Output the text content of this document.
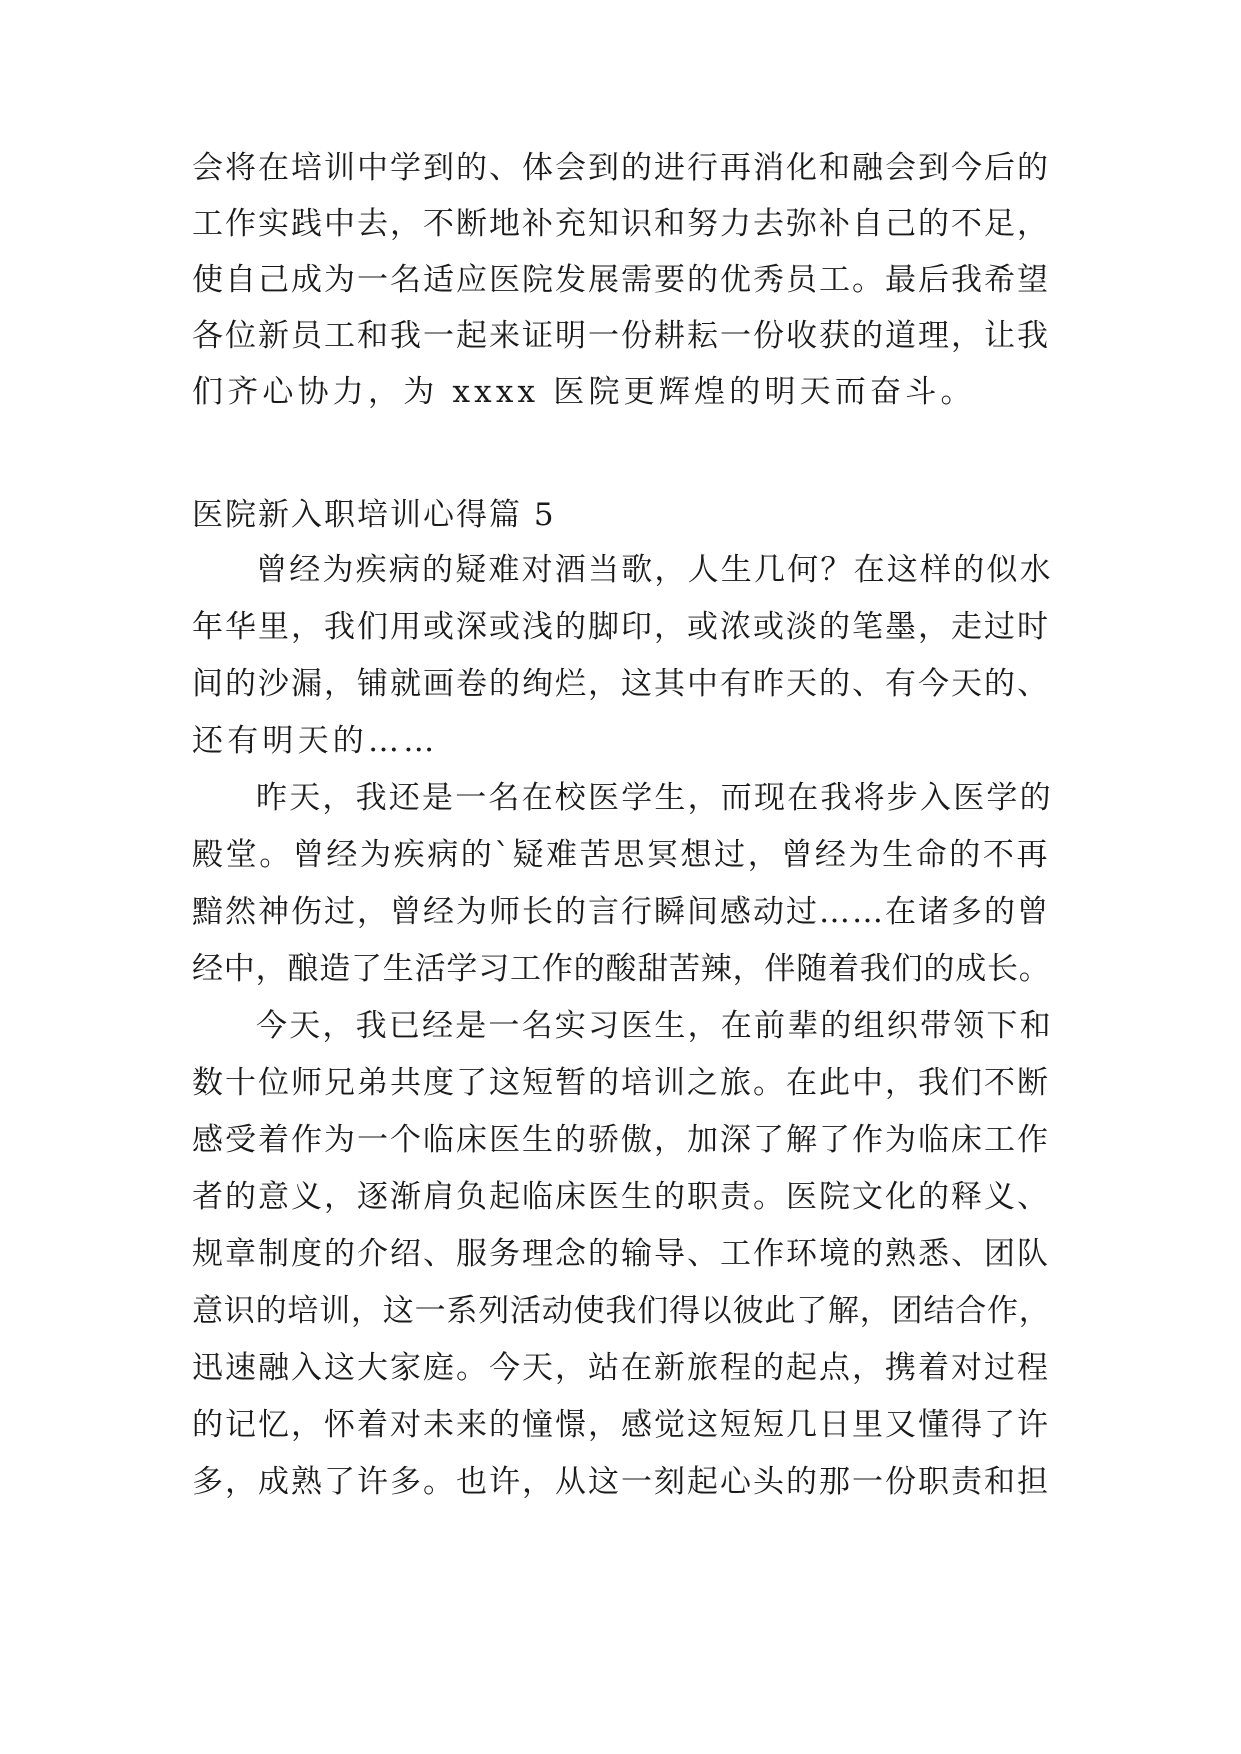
会将在培训中学到的、体会到的进行再消化和融会到今后的
工作实践中去，不断地补充知识和努力去弥补自己的不足，
使自己成为一名适应医院发展需要的优秀员工。最后我希望
各位新员工和我一起来证明一份耕耘一份收获的道理，让我
们齐心协力，为 xxxx 医院更辉煌的明天而奋斗。
医院新入职培训心得篇 5
曾经为疾病的疑难对酒当歌，人生几何？在这样的似水
年华里，我们用或深或浅的脚印，或浓或淡的笔墨，走过时
间的沙漏，铺就画卷的绚烂，这其中有昨天的、有今天的、
还有明天的……
昨天，我还是一名在校医学生，而现在我将步入医学的
殿堂。曾经为疾病的`疑难苦思冥想过，曾经为生命的不再
黯然神伤过，曾经为师长的言行瞬间感动过……在诸多的曾
经中，酿造了生活学习工作的酸甜苦辣，伴随着我们的成长。
今天，我已经是一名实习医生，在前辈的组织带领下和
数十位师兄弟共度了这短暂的培训之旅。在此中，我们不断
感受着作为一个临床医生的骄傲，加深了解了作为临床工作
者的意义，逐渐肩负起临床医生的职责。医院文化的释义、
规章制度的介绍、服务理念的输导、工作环境的熟悉、团队
意识的培训，这一系列活动使我们得以彼此了解，团结合作，
迅速融入这大家庭。今天，站在新旅程的起点，携着对过程
的记忆，怀着对未来的憧憬，感觉这短短几日里又懂得了许
多，成熟了许多。也许，从这一刻起心头的那一份职责和担
